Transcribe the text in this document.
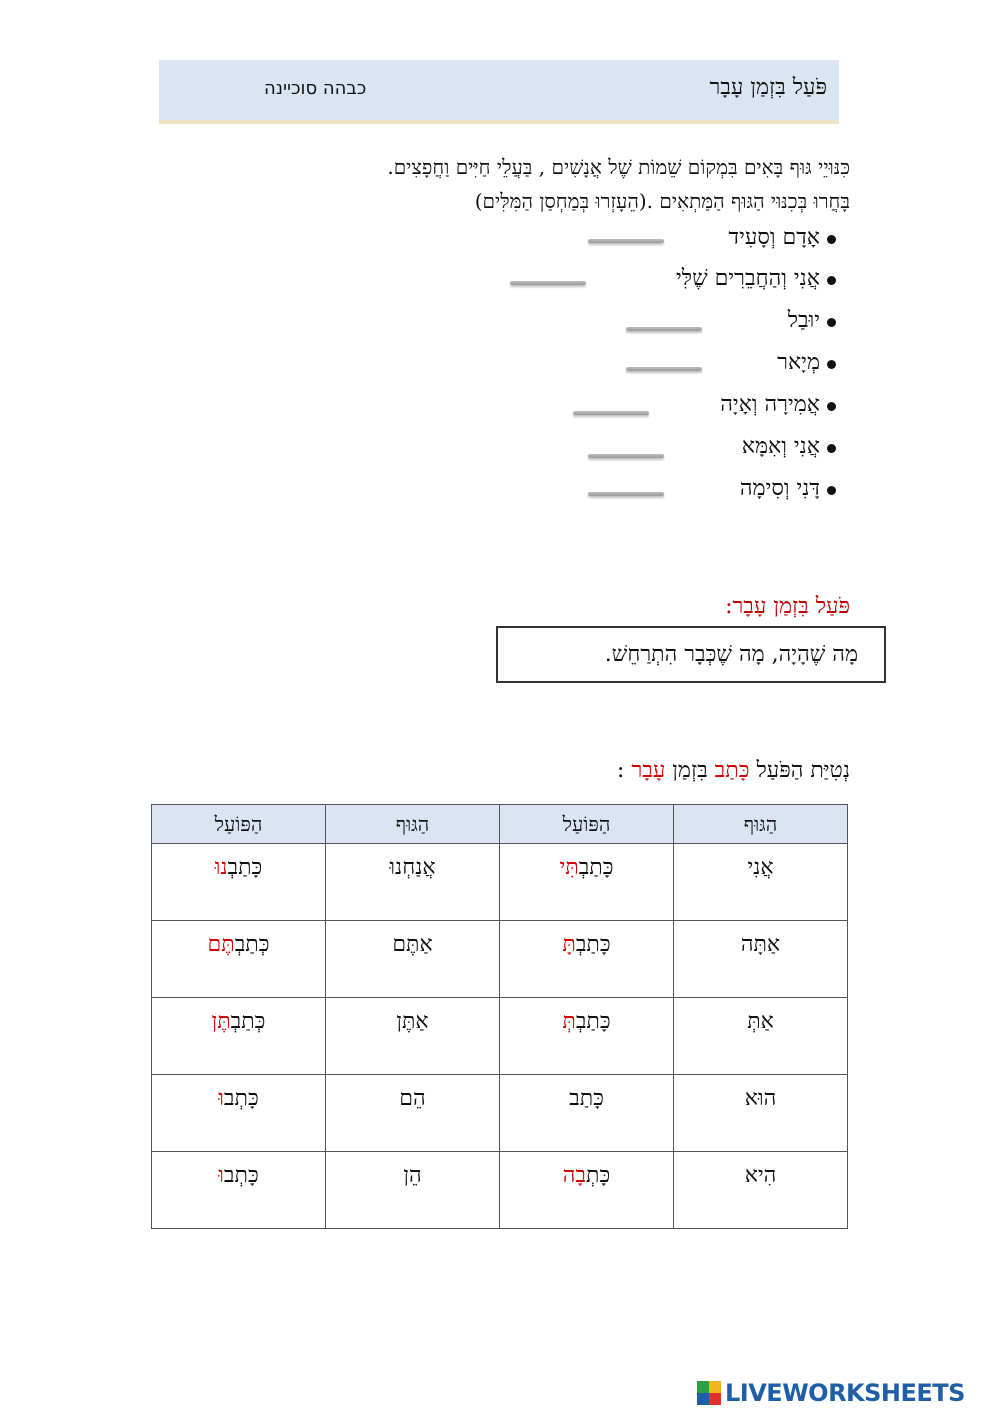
פֹּעַל בִּזְמַן עָבָר
כבהה סוכיינה
כִּנּוּיֵי גּוּף בָּאִים בִּמְקוֹם שֵׁמוֹת שֶׁל אֲנָשִׁים , בַּעֲלֵי חַיִּים וַחֲפָצִים.
בָּחֲרוּ בְּכִנּוּי הַגּוּף הַמַּתְאִים .(הֵעָזְרוּ בְּמַחְסַן הַמִּלִּים)
אָדָם וְסָעִיד
אֲנִי וְהַחֲבֵרִים שֶׁלִּי
יוּבַל
מְיָאר
אֲמִירָה וְאָיָה
אֲנִי וְאִמָּא
דָּנִי וְסִימָה
פֹּעַל בִּזְמַן עָבָר:
מָה שֶׁהָיָה, מָה שֶׁכְּבָר הִתְרַחֵשׁ.
נְטִיַּת הַפֹּעַל כָּתַב בִּזְמַן עָבָר :
הַגּוּף	הַפּוֹעַל	הַגּוּף	הַפּוֹעַל
אֲנִי	כָּתַבְתִּי	אֲנַחְנוּ	כָּתַבְנוּ
אַתָּה	כָּתַבְתָּ	אַתֶּם	כְּתַבְתֶּם
אַתְּ	כָּתַבְתְּ	אַתֶּן	כְּתַבְתֶּן
הוּא	כָּתַב	הֵם	כָּתְבוּ
הִיא	כָּתְבָה	הֵן	כָּתְבוּ
LIVEWORKSHEETS
